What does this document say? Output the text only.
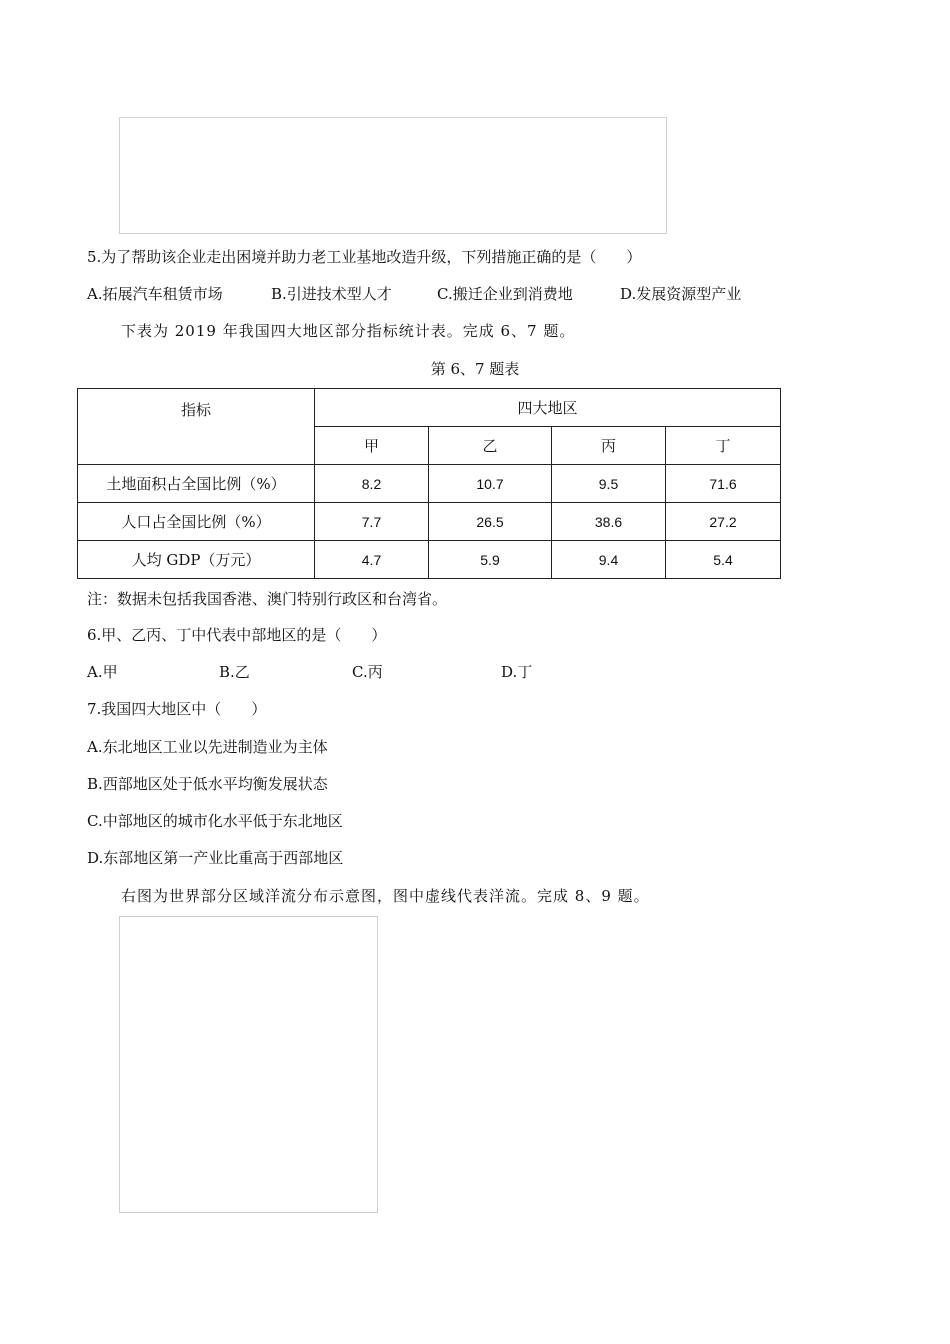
5.为了帮助该企业走出困境并助力老工业基地改造升级，下列措施正确的是（　　）
A.拓展汽车租赁市场	B.引进技术型人才	C.搬迁企业到消费地	D.发展资源型产业
下表为 2019 年我国四大地区部分指标统计表。完成 6、7 题。
第 6、7 题表
指标	四大地区			
	甲	乙	丙	丁
土地面积占全国比例（%）	8.2	10.7	9.5	71.6
人口占全国比例（%）	7.7	26.5	38.6	27.2
人均 GDP（万元）	4.7	5.9	9.4	5.4
注：数据未包括我国香港、澳门特别行政区和台湾省。
6.甲、乙丙、丁中代表中部地区的是（　　）
A.甲	B.乙	C.丙	D.丁
7.我国四大地区中（　　）
A.东北地区工业以先进制造业为主体
B.西部地区处于低水平均衡发展状态
C.中部地区的城市化水平低于东北地区
D.东部地区第一产业比重高于西部地区
右图为世界部分区域洋流分布示意图，图中虚线代表洋流。完成 8、9 题。
